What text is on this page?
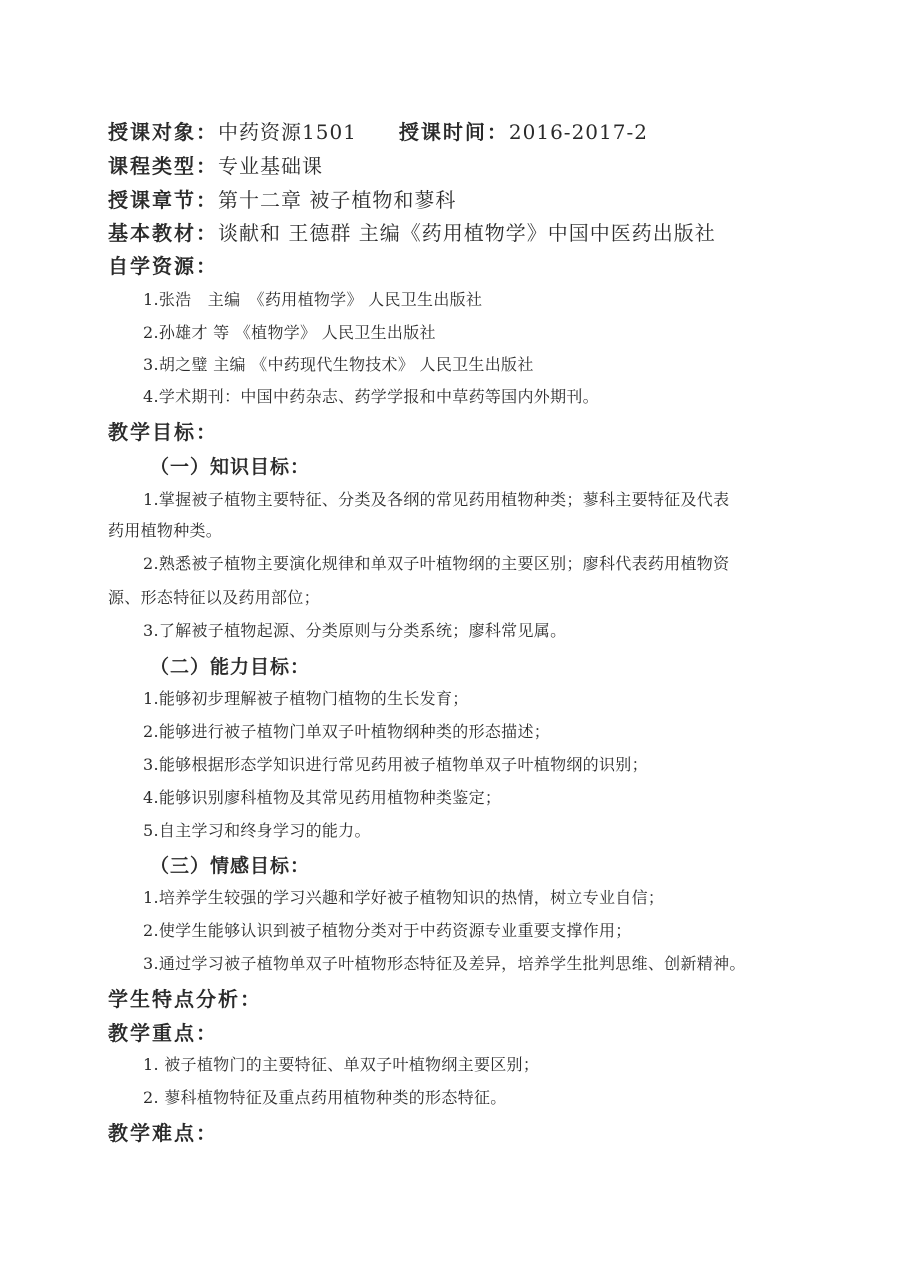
授课对象：中药资源1501 授课时间：2016-2017-2
课程类型：专业基础课
授课章节：第十二章 被子植物和蓼科
基本教材：谈献和 王德群 主编《药用植物学》中国中医药出版社
自学资源：
1.张浩　主编　《药用植物学》 人民卫生出版社
2.孙雄才 等 《植物学》 人民卫生出版社
3.胡之璧 主编 《中药现代生物技术》 人民卫生出版社
4.学术期刊：中国中药杂志、药学学报和中草药等国内外期刊。
教学目标：
（一）知识目标：
1.掌握被子植物主要特征、分类及各纲的常见药用植物种类；蓼科主要特征及代表
药用植物种类。
2.熟悉被子植物主要演化规律和单双子叶植物纲的主要区别；廖科代表药用植物资
源、形态特征以及药用部位；
3.了解被子植物起源、分类原则与分类系统；廖科常见属。
（二）能力目标：
1.能够初步理解被子植物门植物的生长发育；
2.能够进行被子植物门单双子叶植物纲种类的形态描述；
3.能够根据形态学知识进行常见药用被子植物单双子叶植物纲的识别；
4.能够识别廖科植物及其常见药用植物种类鉴定；
5.自主学习和终身学习的能力。
（三）情感目标：
1.培养学生较强的学习兴趣和学好被子植物知识的热情，树立专业自信；
2.使学生能够认识到被子植物分类对于中药资源专业重要支撑作用；
3.通过学习被子植物单双子叶植物形态特征及差异，培养学生批判思维、创新精神。
学生特点分析：
教学重点：
1. 被子植物门的主要特征、单双子叶植物纲主要区别；
2. 蓼科植物特征及重点药用植物种类的形态特征。
教学难点：
